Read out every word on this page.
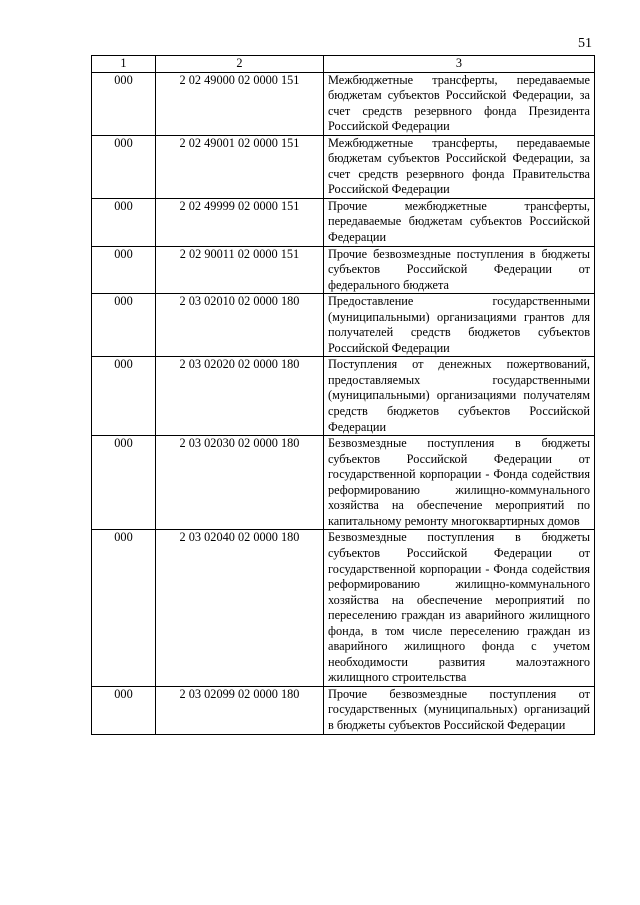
51
1	2	3
000	2 02 49000 02 0000 151	Межбюджетные трансферты, передаваемые бюджетам субъектов Российской Федерации, за счет средств резервного фонда Президента Российской Федерации
000	2 02 49001 02 0000 151	Межбюджетные трансферты, передаваемые бюджетам субъектов Российской Федерации, за счет средств резервного фонда Правительства Российской Федерации
000	2 02 49999 02 0000 151	Прочие межбюджетные трансферты, передаваемые бюджетам субъектов Российской Федерации
000	2 02 90011 02 0000 151	Прочие безвозмездные поступления в бюджеты субъектов Российской Федерации от федерального бюджета
000	2 03 02010 02 0000 180	Предоставление государственными (муниципальными) организациями грантов для получателей средств бюджетов субъектов Российской Федерации
000	2 03 02020 02 0000 180	Поступления от денежных пожертвований, предоставляемых государственными (муниципальными) организациями получателям средств бюджетов субъектов Российской Федерации
000	2 03 02030 02 0000 180	Безвозмездные поступления в бюджеты субъектов Российской Федерации от государственной корпорации - Фонда содействия реформированию жилищно-коммунального хозяйства на обеспечение мероприятий по капитальному ремонту многоквартирных домов
000	2 03 02040 02 0000 180	Безвозмездные поступления в бюджеты субъектов Российской Федерации от государственной корпорации - Фонда содействия реформированию жилищно-коммунального хозяйства на обеспечение мероприятий по переселению граждан из аварийного жилищного фонда, в том числе переселению граждан из аварийного жилищного фонда с учетом необходимости развития малоэтажного жилищного строительства
000	2 03 02099 02 0000 180	Прочие безвозмездные поступления от государственных (муниципальных) организаций в бюджеты субъектов Российской Федерации
